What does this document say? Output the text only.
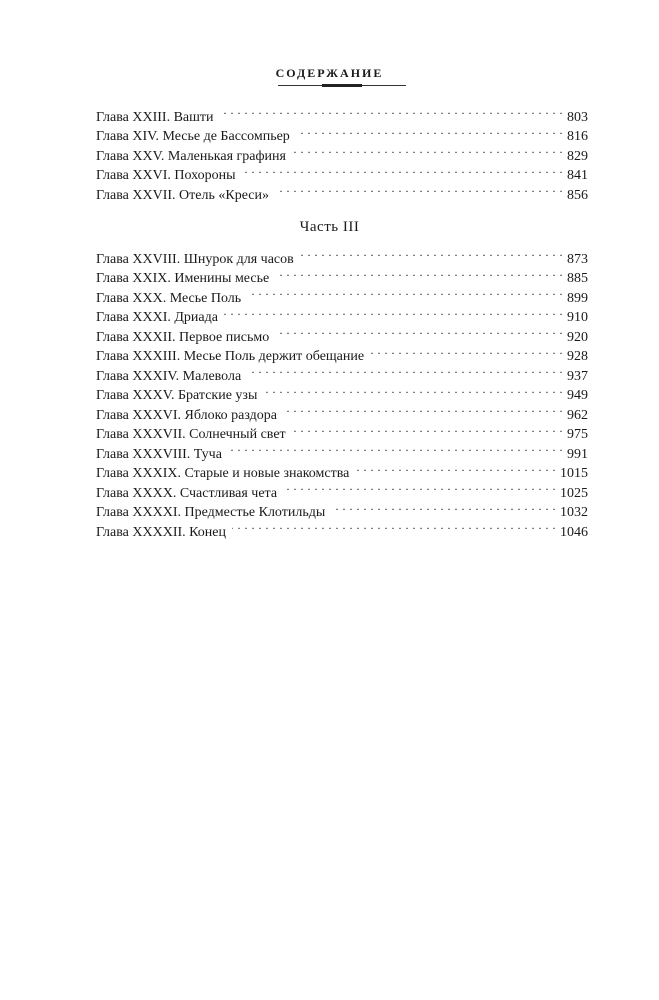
СОДЕРЖАНИЕ
Глава XXIII. Вашти . . .	803
Глава XIV. Месье де Бассомпьер . . .	816
Глава XXV. Маленькая графиня . . .	829
Глава XXVI. Похороны . . .	841
Глава XXVII. Отель «Креси» . . .	856
Часть III
Глава XXVIII. Шнурок для часов . . .	873
Глава XXIX. Именины месье . . .	885
Глава XXX. Месье Поль . . .	899
Глава XXXI. Дриада . . .	910
Глава XXXII. Первое письмо . . .	920
Глава XXXIII. Месье Поль держит обещание . . .	928
Глава XXXIV. Малевола . . .	937
Глава XXXV. Братские узы . . .	949
Глава XXXVI. Яблоко раздора . . .	962
Глава XXXVII. Солнечный свет . . .	975
Глава XXXVIII. Туча . . .	991
Глава XXXIX. Старые и новые знакомства . . .	1015
Глава XXXX. Счастливая чета . . .	1025
Глава XXXXI. Предместье Клотильды . . .	1032
Глава XXXXII. Конец . . .	1046
